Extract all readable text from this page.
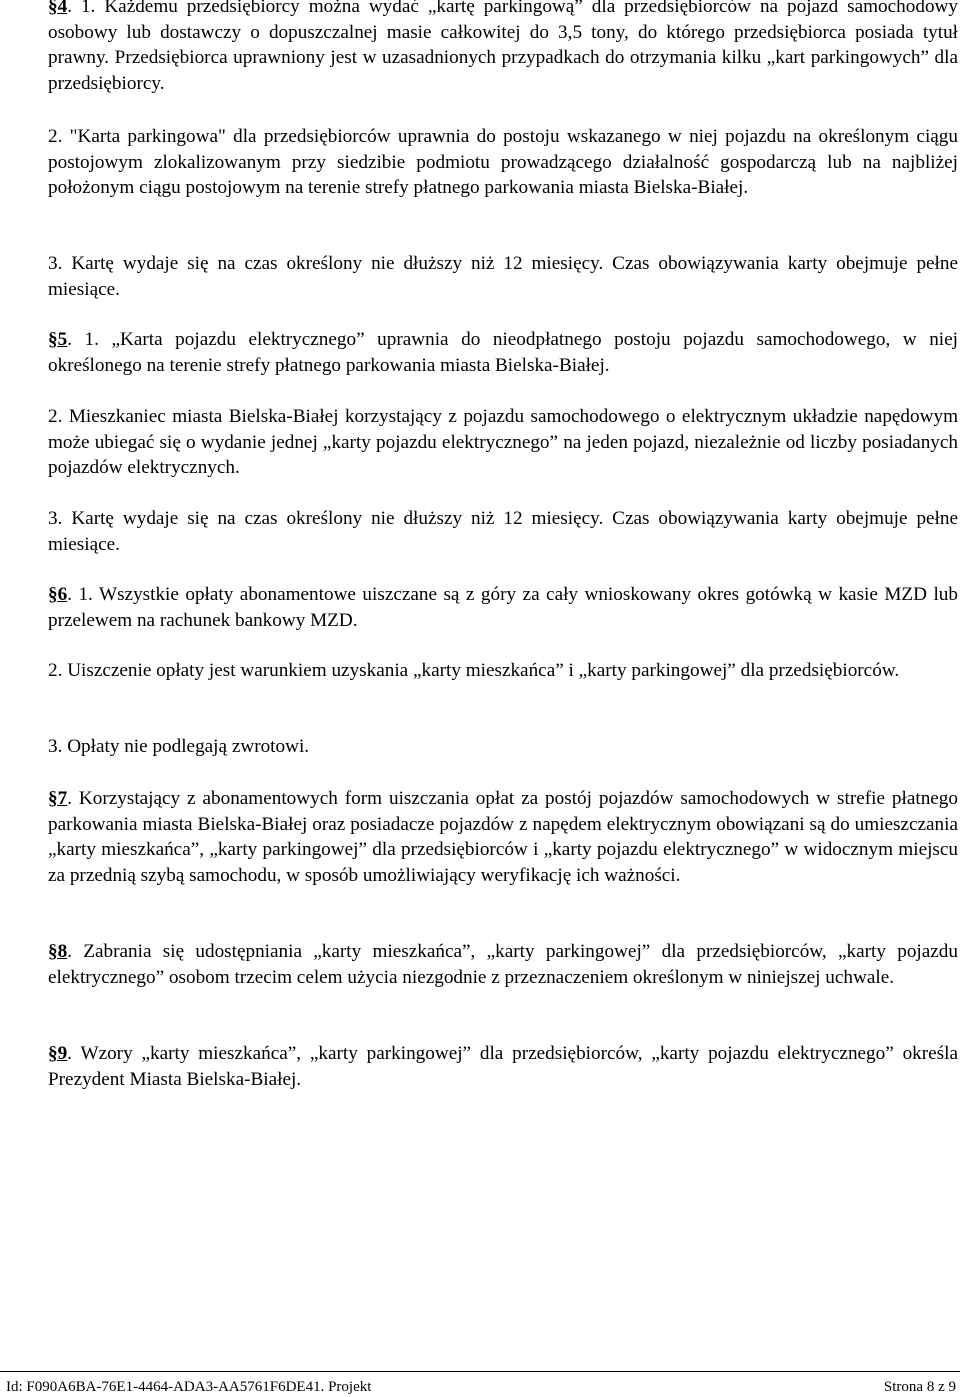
§4. 1. Każdemu przedsiębiorcy można wydać „kartę parkingową” dla przedsiębiorców na pojazd samochodowy osobowy lub dostawczy o dopuszczalnej masie całkowitej do 3,5 tony, do którego przedsiębiorca posiada tytuł prawny. Przedsiębiorca uprawniony jest w uzasadnionych przypadkach do otrzymania kilku „kart parkingowych” dla przedsiębiorcy.

2. "Karta parkingowa" dla przedsiębiorców uprawnia do postoju wskazanego w niej pojazdu na określonym ciągu postojowym zlokalizowanym przy siedzibie podmiotu prowadzącego działalność gospodarczą lub na najbliżej położonym ciągu postojowym na terenie strefy płatnego parkowania miasta Bielska-Białej.

3. Kartę wydaje się na czas określony nie dłuższy niż 12 miesięcy. Czas obowiązywania karty obejmuje pełne miesiące.

§5. 1. „Karta pojazdu elektrycznego” uprawnia do nieodpłatnego postoju pojazdu samochodowego, w niej określonego na terenie strefy płatnego parkowania miasta Bielska-Białej.

2. Mieszkaniec miasta Bielska-Białej korzystający z pojazdu samochodowego o elektrycznym układzie napędowym może ubiegać się o wydanie jednej „karty pojazdu elektrycznego” na jeden pojazd, niezależnie od liczby posiadanych pojazdów elektrycznych.

3. Kartę wydaje się na czas określony nie dłuższy niż 12 miesięcy. Czas obowiązywania karty obejmuje pełne miesiące.

§6. 1. Wszystkie opłaty abonamentowe uiszczane są z góry za cały wnioskowany okres gotówką w kasie MZD lub przelewem na rachunek bankowy MZD.

2. Uiszczenie opłaty jest warunkiem uzyskania „karty mieszkańca” i „karty parkingowej” dla przedsiębiorców.

3. Opłaty nie podlegają zwrotowi.

§7. Korzystający z abonamentowych form uiszczania opłat za postój pojazdów samochodowych w strefie płatnego parkowania miasta Bielska-Białej oraz posiadacze pojazdów z napędem elektrycznym obowiązani są do umieszczania „karty mieszkańca”, „karty parkingowej” dla przedsiębiorców i „karty pojazdu elektrycznego” w widocznym miejscu za przednią szybą samochodu, w sposób umożliwiający weryfikację ich ważności.

§8. Zabrania się udostępniania „karty mieszkańca”, „karty parkingowej” dla przedsiębiorców, „karty pojazdu elektrycznego” osobom trzecim celem użycia niezgodnie z przeznaczeniem określonym w niniejszej uchwale.

§9. Wzory „karty mieszkańca”, „karty parkingowej” dla przedsiębiorców, „karty pojazdu elektrycznego” określa Prezydent Miasta Bielska-Białej.

Id: F090A6BA-76E1-4464-ADA3-AA5761F6DE41. Projekt	Strona 8 z 9
